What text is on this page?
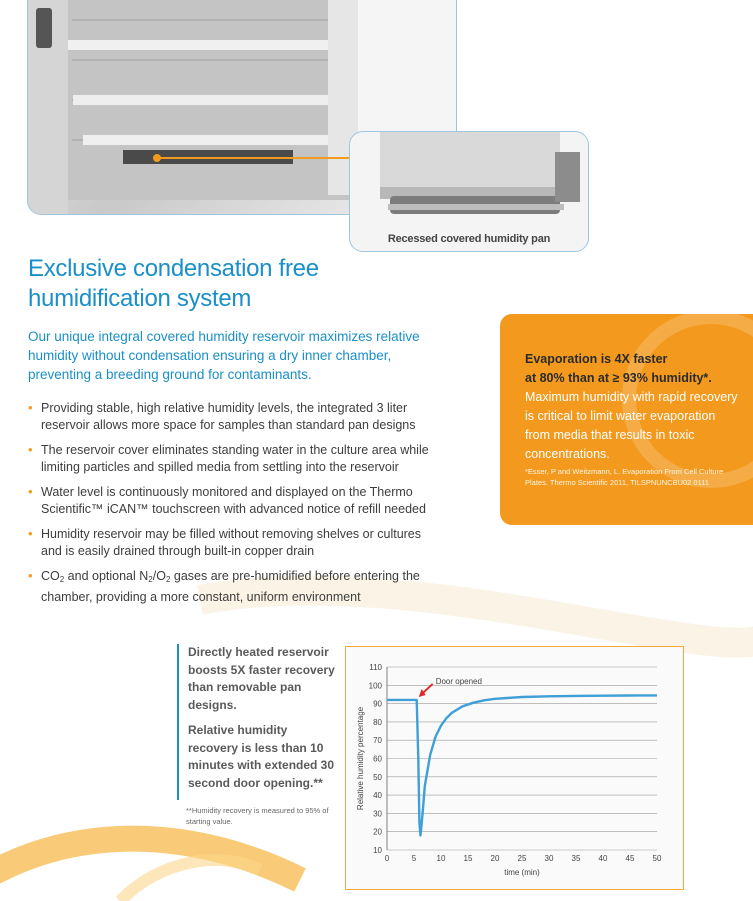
Recessed covered humidity pan
Exclusive condensation free
humidification system

Our unique integral covered humidity reservoir maximizes relative humidity without condensation ensuring a dry inner chamber, preventing a breeding ground for contaminants.

• Providing stable, high relative humidity levels, the integrated 3 liter reservoir allows more space for samples than standard pan designs
• The reservoir cover eliminates standing water in the culture area while limiting particles and spilled media from settling into the reservoir
• Water level is continuously monitored and displayed on the Thermo Scientific™ iCAN™ touchscreen with advanced notice of refill needed
• Humidity reservoir may be filled without removing shelves or cultures and is easily drained through built-in copper drain
• $CO_2$ and optional $N_2/O_2$ gases are pre-humidified before entering the chamber, providing a more constant, uniform environment
Evaporation is 4X faster
at 80% than at ≥ 93% humidity*.
Maximum humidity with rapid recovery is critical to limit water evaporation from media that results in toxic concentrations.
*Esser, P and Weitzmann, L. Evaporation From Cell Culture Plates. Thermo Scientific 2011, TILSPNUNCBU02 0111

Directly heated reservoir boosts 5X faster recovery than removable pan designs.

Relative humidity recovery is less than 10 minutes with extended 30 second door opening.**

**Humidity recovery is measured to 95% of starting value.
10
20
30
40
50
60
70
80
90
100
110
0	5	10 15 20 25 30 35 40 45 50
time (min)
Relative humidity percentage
Door opened
